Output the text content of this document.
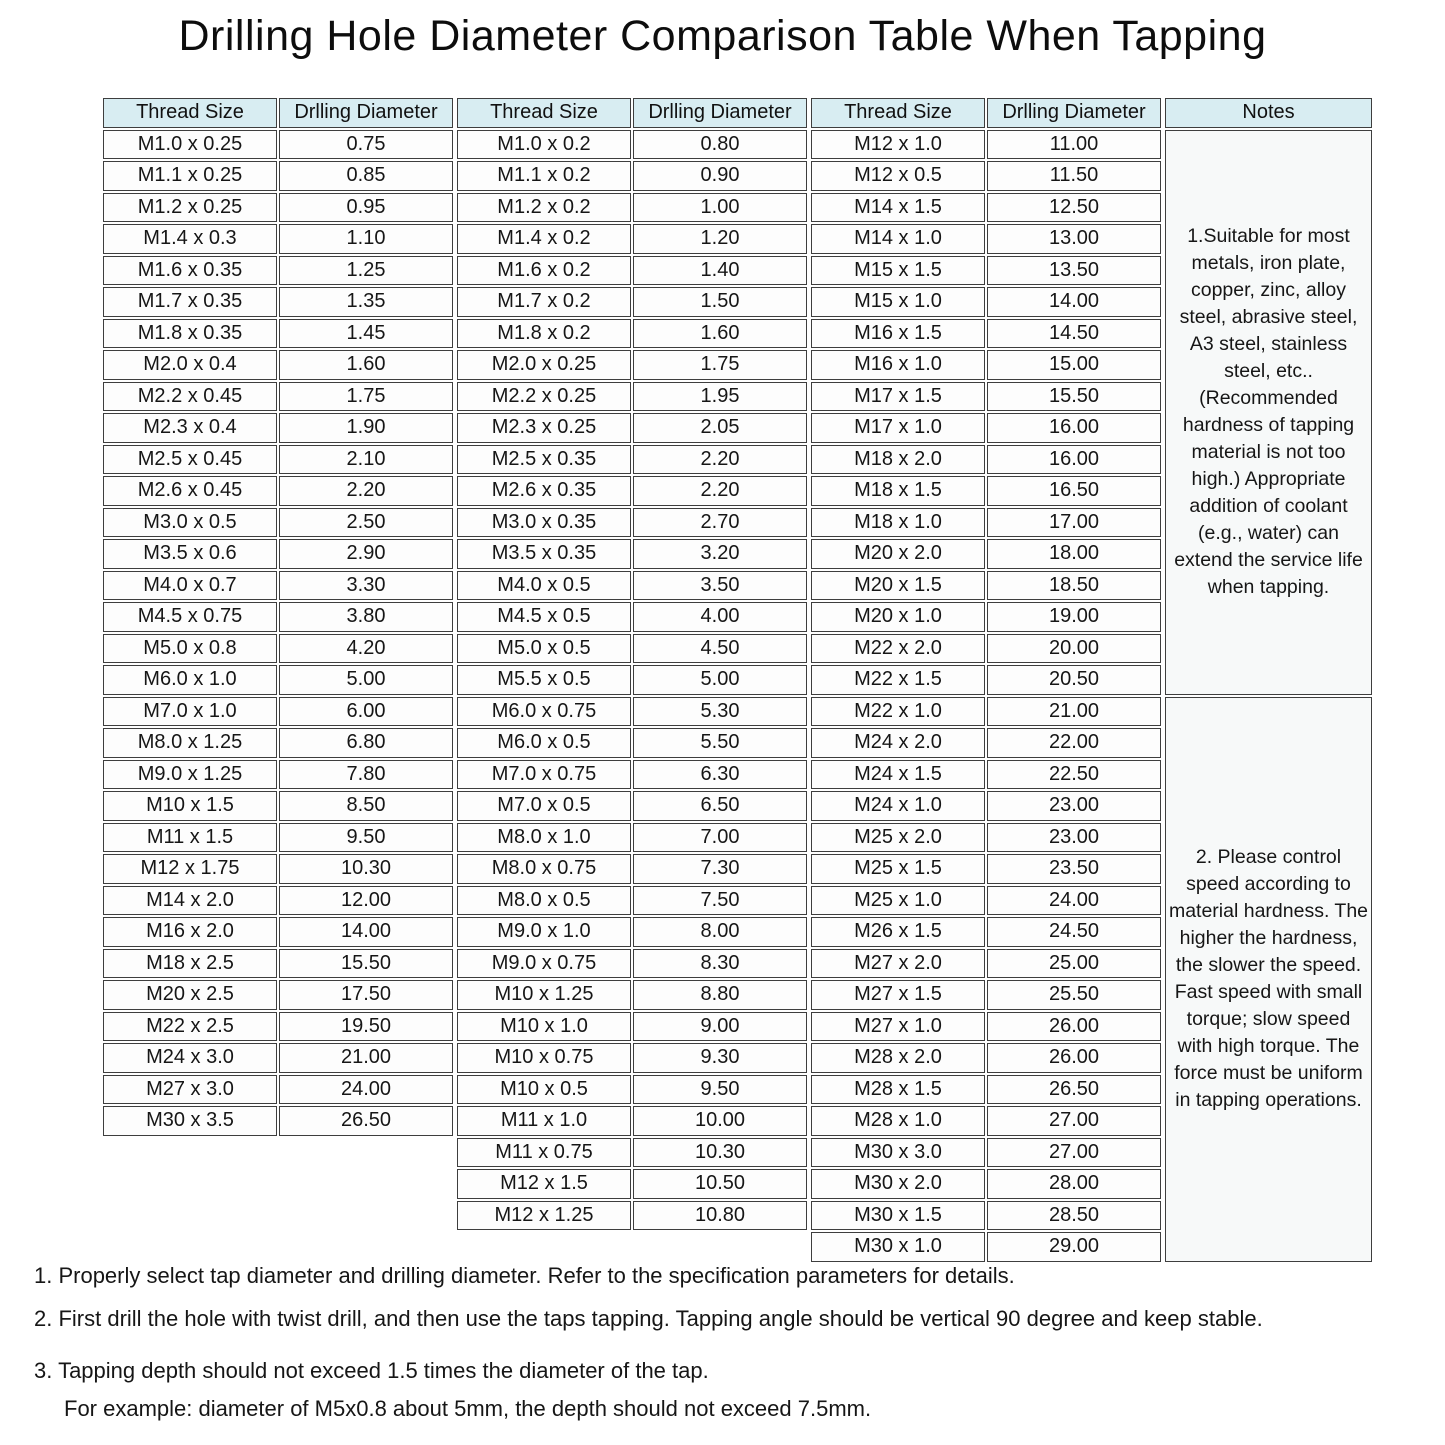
Drilling Hole Diameter Comparison Table When Tapping
Thread Size	Drlling Diameter
M1.0 x 0.25	0.75
M1.1 x 0.25	0.85
M1.2 x 0.25	0.95
M1.4 x 0.3	1.10
M1.6 x 0.35	1.25
M1.7 x 0.35	1.35
M1.8 x 0.35	1.45
M2.0 x 0.4	1.60
M2.2 x 0.45	1.75
M2.3 x 0.4	1.90
M2.5 x 0.45	2.10
M2.6 x 0.45	2.20
M3.0 x 0.5	2.50
M3.5 x 0.6	2.90
M4.0 x 0.7	3.30
M4.5 x 0.75	3.80
M5.0 x 0.8	4.20
M6.0 x 1.0	5.00
M7.0 x 1.0	6.00
M8.0 x 1.25	6.80
M9.0 x 1.25	7.80
M10 x 1.5	8.50
M11 x 1.5	9.50
M12 x 1.75	10.30
M14 x 2.0	12.00
M16 x 2.0	14.00
M18 x 2.5	15.50
M20 x 2.5	17.50
M22 x 2.5	19.50
M24 x 3.0	21.00
M27 x 3.0	24.00
M30 x 3.5	26.50
Thread Size	Drlling Diameter
M1.0 x 0.2	0.80
M1.1 x 0.2	0.90
M1.2 x 0.2	1.00
M1.4 x 0.2	1.20
M1.6 x 0.2	1.40
M1.7 x 0.2	1.50
M1.8 x 0.2	1.60
M2.0 x 0.25	1.75
M2.2 x 0.25	1.95
M2.3 x 0.25	2.05
M2.5 x 0.35	2.20
M2.6 x 0.35	2.20
M3.0 x 0.35	2.70
M3.5 x 0.35	3.20
M4.0 x 0.5	3.50
M4.5 x 0.5	4.00
M5.0 x 0.5	4.50
M5.5 x 0.5	5.00
M6.0 x 0.75	5.30
M6.0 x 0.5	5.50
M7.0 x 0.75	6.30
M7.0 x 0.5	6.50
M8.0 x 1.0	7.00
M8.0 x 0.75	7.30
M8.0 x 0.5	7.50
M9.0 x 1.0	8.00
M9.0 x 0.75	8.30
M10 x 1.25	8.80
M10 x 1.0	9.00
M10 x 0.75	9.30
M10 x 0.5	9.50
M11 x 1.0	10.00
M11 x 0.75	10.30
M12 x 1.5	10.50
M12 x 1.25	10.80
Thread Size	Drlling Diameter
M12 x 1.0	11.00
M12 x 0.5	11.50
M14 x 1.5	12.50
M14 x 1.0	13.00
M15 x 1.5	13.50
M15 x 1.0	14.00
M16 x 1.5	14.50
M16 x 1.0	15.00
M17 x 1.5	15.50
M17 x 1.0	16.00
M18 x 2.0	16.00
M18 x 1.5	16.50
M18 x 1.0	17.00
M20 x 2.0	18.00
M20 x 1.5	18.50
M20 x 1.0	19.00
M22 x 2.0	20.00
M22 x 1.5	20.50
M22 x 1.0	21.00
M24 x 2.0	22.00
M24 x 1.5	22.50
M24 x 1.0	23.00
M25 x 2.0	23.00
M25 x 1.5	23.50
M25 x 1.0	24.00
M26 x 1.5	24.50
M27 x 2.0	25.00
M27 x 1.5	25.50
M27 x 1.0	26.00
M28 x 2.0	26.00
M28 x 1.5	26.50
M28 x 1.0	27.00
M30 x 3.0	27.00
M30 x 2.0	28.00
M30 x 1.5	28.50
M30 x 1.0	29.00
Notes
1.Suitable for most metals, iron plate, copper, zinc, alloy steel, abrasive steel, A3 steel, stainless steel, etc..(Recommended hardness of tapping material is not too high.) Appropriate addition of coolant (e.g., water) can extend the service life when tapping.
2. Please control speed according to material hardness. The higher the hardness, the slower the speed. Fast speed with small torque; slow speed with high torque. The force must be uniform in tapping operations.

1. Properly select tap diameter and drilling diameter. Refer to the specification parameters for details.

2. First drill the hole with twist drill, and then use the taps tapping. Tapping angle should be vertical 90 degree and keep stable.

3. Tapping depth should not exceed 1.5 times the diameter of the tap.

For example: diameter of M5x0.8 about 5mm, the depth should not exceed 7.5mm.
